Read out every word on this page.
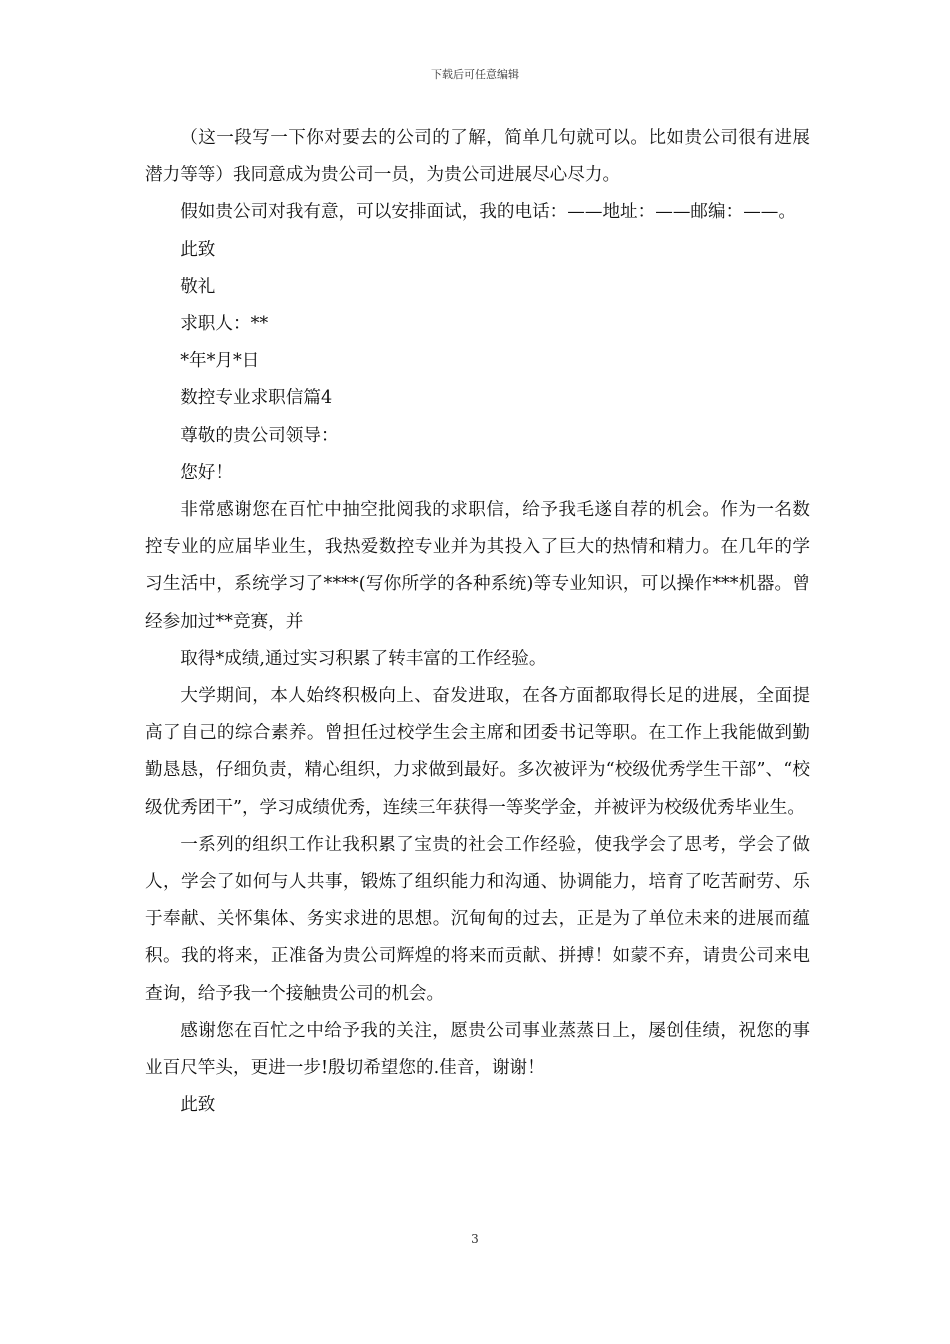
下载后可任意编辑

（这一段写一下你对要去的公司的了解，简单几句就可以。比如贵公司很有进展潜力等等）我同意成为贵公司一员，为贵公司进展尽心尽力。

假如贵公司对我有意，可以安排面试，我的电话：——地址：——邮编：——。

此致

敬礼

求职人：**

*年*月*日

数控专业求职信篇4

尊敬的贵公司领导：

您好！

非常感谢您在百忙中抽空批阅我的求职信，给予我毛遂自荐的机会。作为一名数控专业的应届毕业生，我热爱数控专业并为其投入了巨大的热情和精力。在几年的学习生活中，系统学习了****(写你所学的各种系统)等专业知识，可以操作***机器。曾经参加过**竞赛，并

取得*成绩,通过实习积累了转丰富的工作经验。

大学期间，本人始终积极向上、奋发进取，在各方面都取得长足的进展，全面提高了自己的综合素养。曾担任过校学生会主席和团委书记等职。在工作上我能做到勤勤恳恳，仔细负责，精心组织，力求做到最好。多次被评为“校级优秀学生干部”、“校级优秀团干”，学习成绩优秀，连续三年获得一等奖学金，并被评为校级优秀毕业生。

一系列的组织工作让我积累了宝贵的社会工作经验，使我学会了思考，学会了做人，学会了如何与人共事，锻炼了组织能力和沟通、协调能力，培育了吃苦耐劳、乐于奉献、关怀集体、务实求进的思想。沉甸甸的过去，正是为了单位未来的进展而蕴积。我的将来，正准备为贵公司辉煌的将来而贡献、拼搏！如蒙不弃，请贵公司来电查询，给予我一个接触贵公司的机会。

感谢您在百忙之中给予我的关注，愿贵公司事业蒸蒸日上，屡创佳绩，祝您的事业百尺竿头，更进一步!殷切希望您的.佳音，谢谢！

此致

3
